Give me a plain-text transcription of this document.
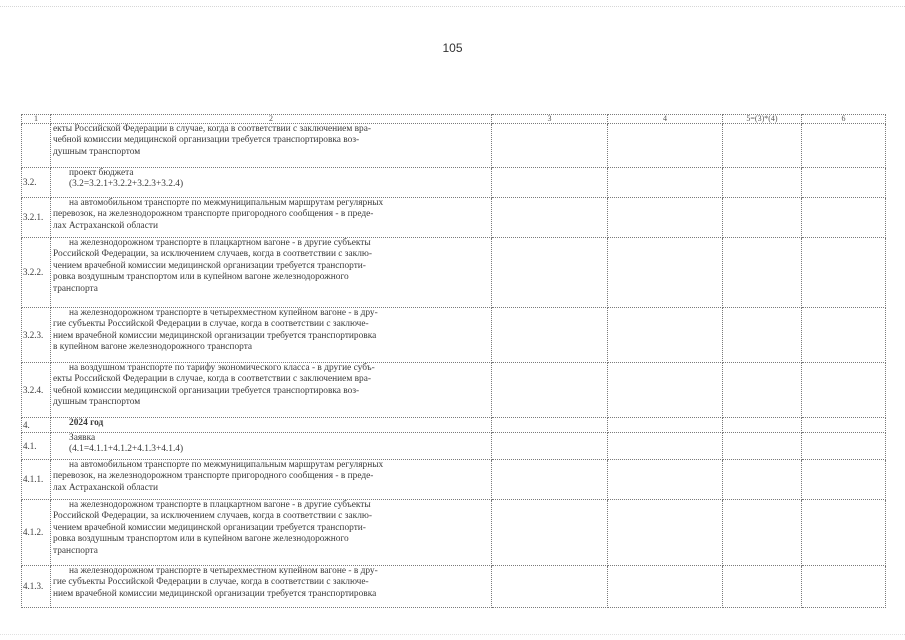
105
1	2	3	4	5=(3)*(4)	6

	екты Российской Федерации в случае, когда в соответствии с заключением вра-
чебной комиссии медицинской организации требуется транспортировка воз-
душным транспортом				

3.2.	проект бюджета
(3.2=3.2.1+3.2.2+3.2.3+3.2.4)				

3.2.1.	на автомобильном транспорте по межмуниципальным маршрутам регулярных
перевозок, на железнодорожном транспорте пригородного сообщения - в преде-
лах Астраханской области				

3.2.2.	на железнодорожном транспорте в плацкартном вагоне - в другие субъекты
Российской Федерации, за исключением случаев, когда в соответствии с заклю-
чением врачебной комиссии медицинской организации требуется транспорти-
ровка воздушным транспортом или в купейном вагоне железнодорожного
транспорта				

3.2.3.	на железнодорожном транспорте в четырехместном купейном вагоне - в дру-
гие субъекты Российской Федерации в случае, когда в соответствии с заключе-
нием врачебной комиссии медицинской организации требуется транспортировка
в купейном вагоне железнодорожного транспорта				

3.2.4.	на воздушном транспорте по тарифу экономического класса - в другие субъ-
екты Российской Федерации в случае, когда в соответствии с заключением вра-
чебной комиссии медицинской организации требуется транспортировка воз-
душным транспортом				

4.	2024 год				

4.1.	Заявка
(4.1=4.1.1+4.1.2+4.1.3+4.1.4)				

4.1.1.	на автомобильном транспорте по межмуниципальным маршрутам регулярных
перевозок, на железнодорожном транспорте пригородного сообщения - в преде-
лах Астраханской области				

4.1.2.	на железнодорожном транспорте в плацкартном вагоне - в другие субъекты
Российской Федерации, за исключением случаев, когда в соответствии с заклю-
чением врачебной комиссии медицинской организации требуется транспорти-
ровка воздушным транспортом или в купейном вагоне железнодорожного
транспорта				

4.1.3.	на железнодорожном транспорте в четырехместном купейном вагоне - в дру-
гие субъекты Российской Федерации в случае, когда в соответствии с заключе-
нием врачебной комиссии медицинской организации требуется транспортировка				
